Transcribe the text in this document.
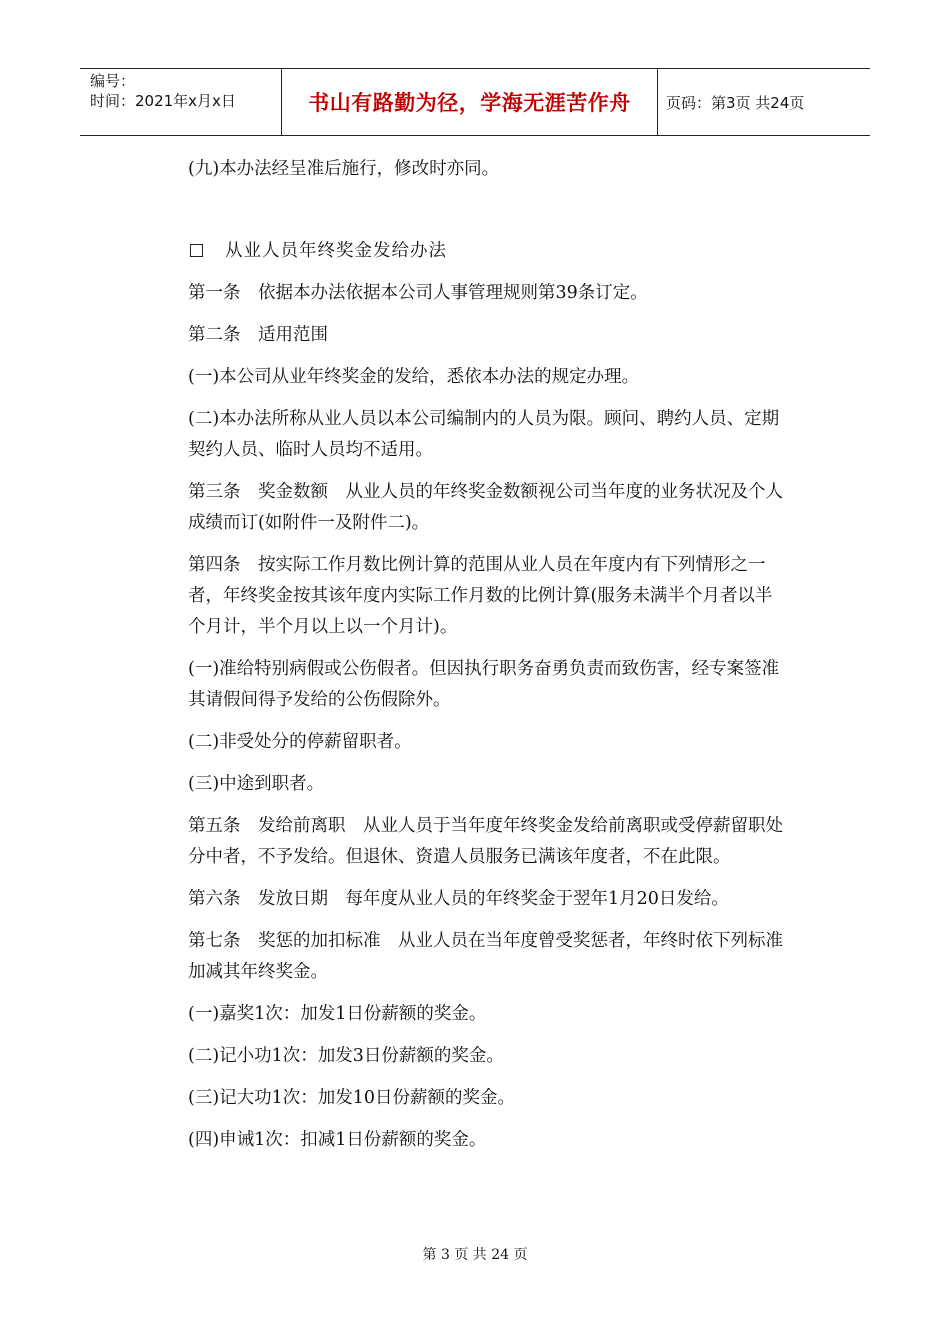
编号：
时间：2021年x月x日	书山有路勤为径，学海无涯苦作舟 页码：第3页 共24页

(九)本办法经呈准后施行，修改时亦同。

从业人员年终奖金发给办法

第一条　依据本办法依据本公司人事管理规则第39条订定。

第二条　适用范围

(一)本公司从业年终奖金的发给，悉依本办法的规定办理。

(二)本办法所称从业人员以本公司编制内的人员为限。顾问、聘约人员、定期契约人员、临时人员均不适用。

第三条　奖金数额　从业人员的年终奖金数额视公司当年度的业务状况及个人成绩而订(如附件一及附件二)。

第四条　按实际工作月数比例计算的范围从业人员在年度内有下列情形之一者，年终奖金按其该年度内实际工作月数的比例计算(服务未满半个月者以半个月计，半个月以上以一个月计)。

(一)准给特别病假或公伤假者。但因执行职务奋勇负责而致伤害，经专案签准其请假间得予发给的公伤假除外。

(二)非受处分的停薪留职者。

(三)中途到职者。

第五条　发给前离职　从业人员于当年度年终奖金发给前离职或受停薪留职处分中者，不予发给。但退休、资遣人员服务已满该年度者，不在此限。

第六条　发放日期　每年度从业人员的年终奖金于翌年1月20日发给。

第七条　奖惩的加扣标准　从业人员在当年度曾受奖惩者，年终时依下列标准加减其年终奖金。

(一)嘉奖1次：加发1日份薪额的奖金。

(二)记小功1次：加发3日份薪额的奖金。

(三)记大功1次：加发10日份薪额的奖金。

(四)申诫1次：扣减1日份薪额的奖金。

第 3 页 共 24 页
